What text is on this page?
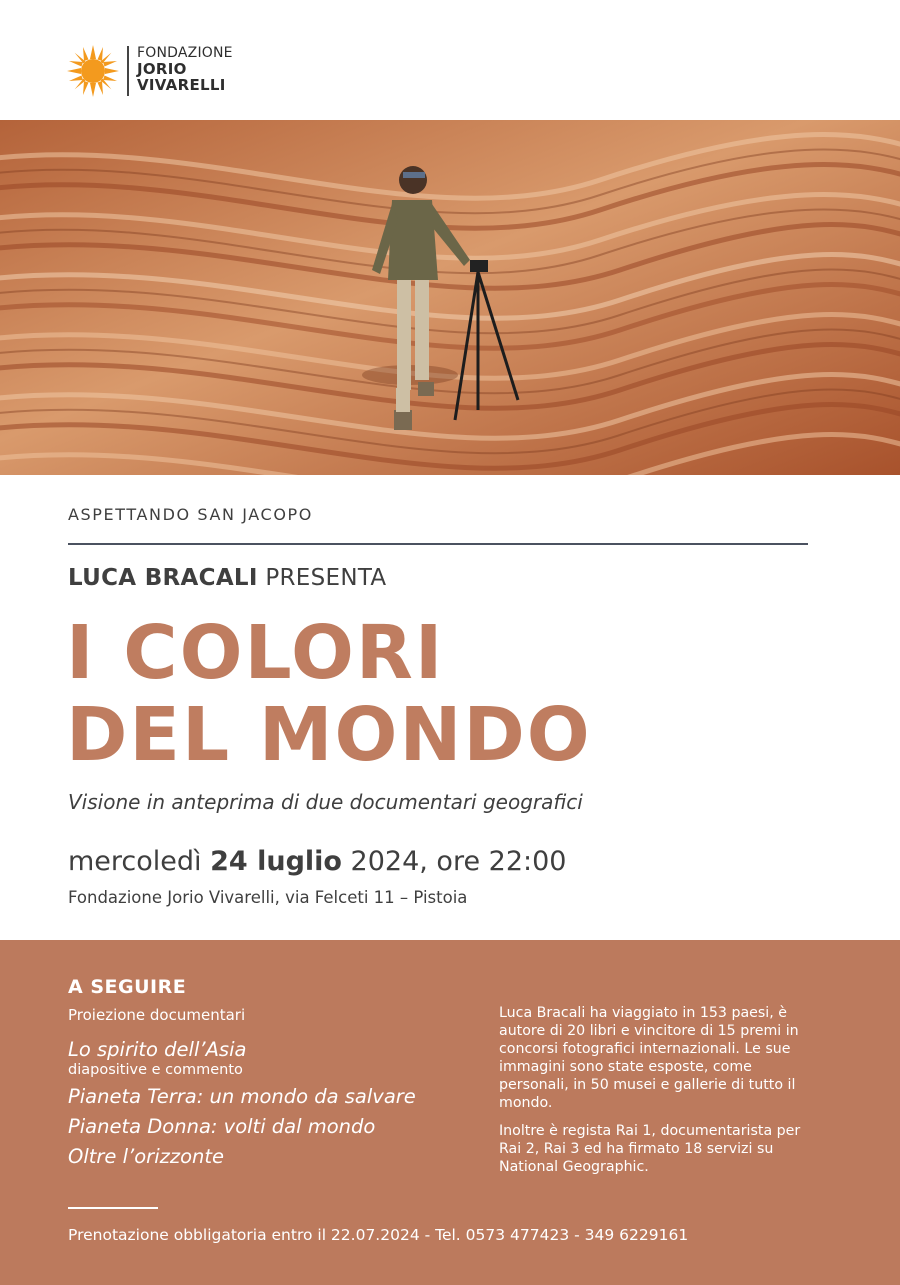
FONDAZIONE
JORIO
VIVARELLI
ASPETTANDO SAN JACOPO
LUCA BRACALI PRESENTA
I COLORI
DEL MONDO
Visione in anteprima di due documentari geografici
mercoledì 24 luglio 2024, ore 22:00
Fondazione Jorio Vivarelli, via Felceti 11 – Pistoia
A SEGUIRE
Proiezione documentari
Lo spirito dell’Asia
diapositive e commento
Pianeta Terra: un mondo da salvare
Pianeta Donna: volti dal mondo
Oltre l’orizzonte

Luca Bracali ha viaggiato in 153 paesi, è autore di 20 libri e vincitore di 15 premi in concorsi fotografici internazionali. Le sue immagini sono state esposte, come personali, in 50 musei e gallerie di tutto il mondo.

Inoltre è regista Rai 1, documentarista per Rai 2, Rai 3 ed ha firmato 18 servizi su National Geographic.

Prenotazione obbligatoria entro il 22.07.2024 - Tel. 0573 477423 - 349 6229161
